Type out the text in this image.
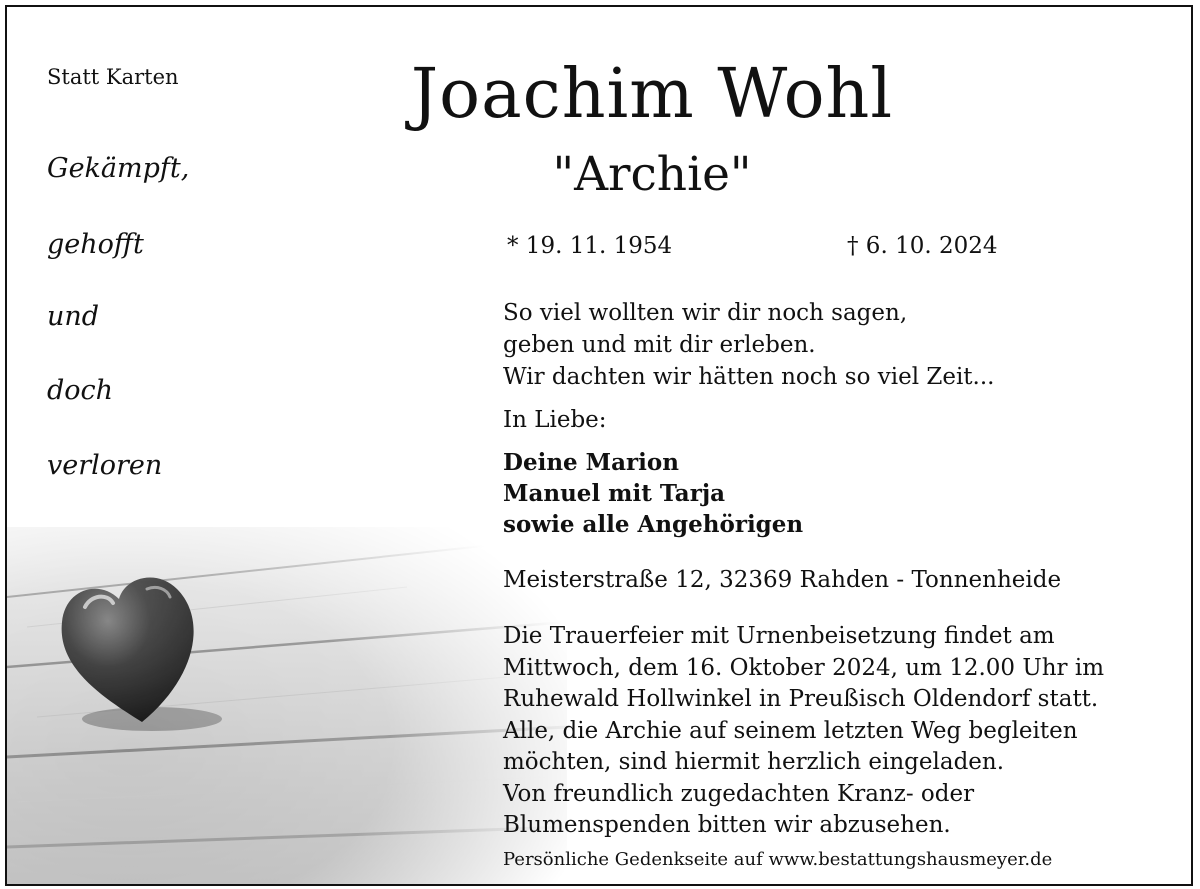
Statt Karten
Gekämpft,
gehofft
und
doch
verloren
Joachim Wohl
"Archie"
* 19. 11. 1954	† 6. 10. 2024
So viel wollten wir dir noch sagen,
geben und mit dir erleben.
Wir dachten wir hätten noch so viel Zeit...
In Liebe:
Deine Marion
Manuel mit Tarja
sowie alle Angehörigen
Meisterstraße 12, 32369 Rahden - Tonnenheide
Die Trauerfeier mit Urnenbeisetzung findet am
Mittwoch, dem 16. Oktober 2024, um 12.00 Uhr im
Ruhewald Hollwinkel in Preußisch Oldendorf statt.
Alle, die Archie auf seinem letzten Weg begleiten
möchten, sind hiermit herzlich eingeladen.
Von freundlich zugedachten Kranz- oder
Blumenspenden bitten wir abzusehen.
Persönliche Gedenkseite auf www.bestattungshausmeyer.de
